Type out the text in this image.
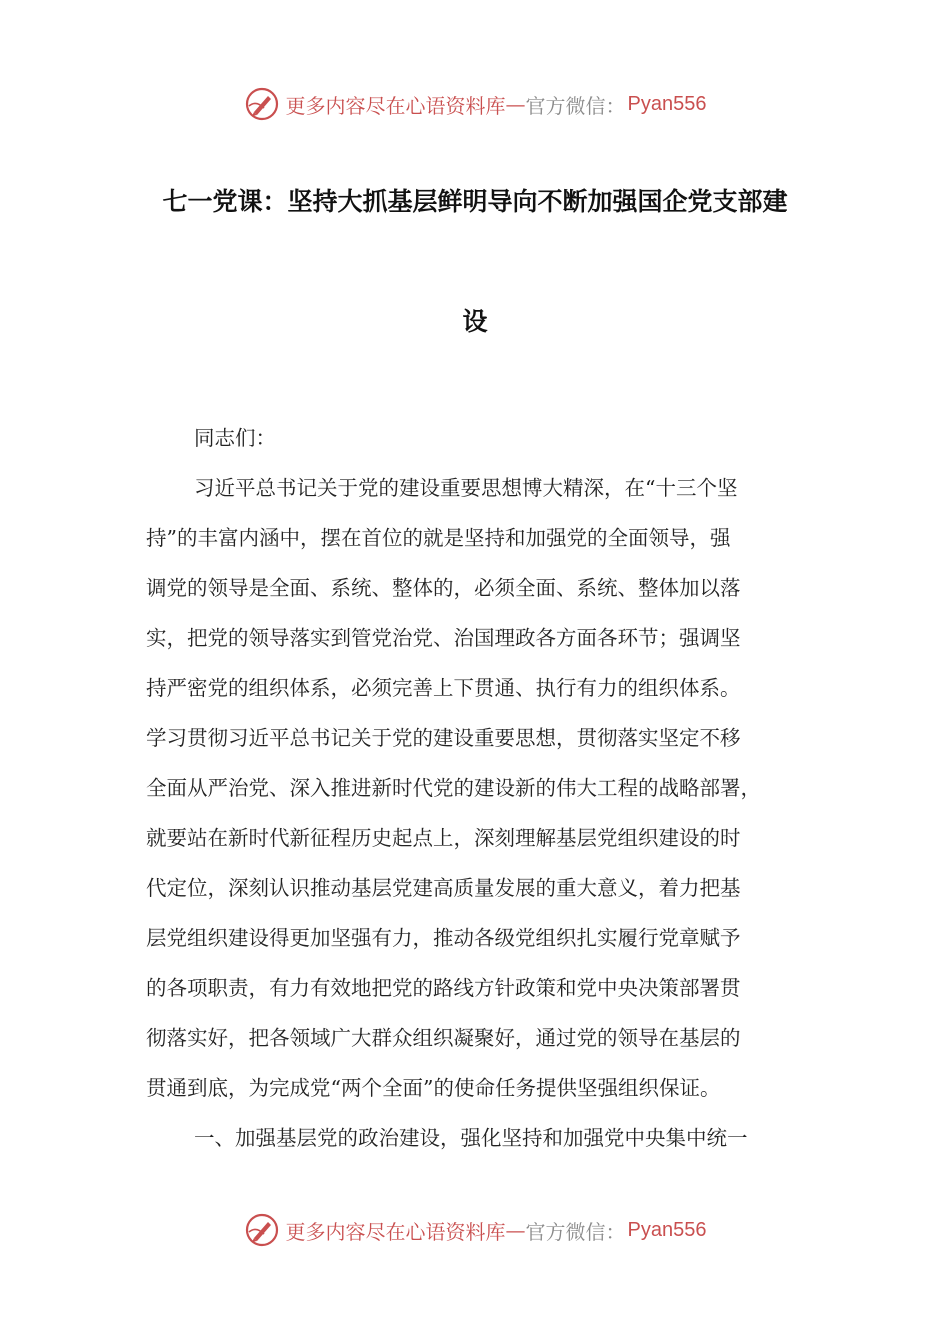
更多内容尽在心语资料库 — 官方微信： Pyan556
七一党课：坚持大抓基层鲜明导向不断加强国企党支部建
设
同志们：
习近平总书记关于党的建设重要思想博大精深，在“十三个坚
持”的丰富内涵中，摆在首位的就是坚持和加强党的全面领导，强
调党的领导是全面、系统、整体的，必须全面、系统、整体加以落
实，把党的领导落实到管党治党、治国理政各方面各环节；强调坚
持严密党的组织体系，必须完善上下贯通、执行有力的组织体系。
学习贯彻习近平总书记关于党的建设重要思想，贯彻落实坚定不移
全面从严治党、深入推进新时代党的建设新的伟大工程的战略部署，
就要站在新时代新征程历史起点上，深刻理解基层党组织建设的时
代定位，深刻认识推动基层党建高质量发展的重大意义，着力把基
层党组织建设得更加坚强有力，推动各级党组织扎实履行党章赋予
的各项职责，有力有效地把党的路线方针政策和党中央决策部署贯
彻落实好，把各领域广大群众组织凝聚好，通过党的领导在基层的
贯通到底，为完成党“两个全面”的使命任务提供坚强组织保证。
一、加强基层党的政治建设，强化坚持和加强党中央集中统一
更多内容尽在心语资料库 — 官方微信： Pyan556
